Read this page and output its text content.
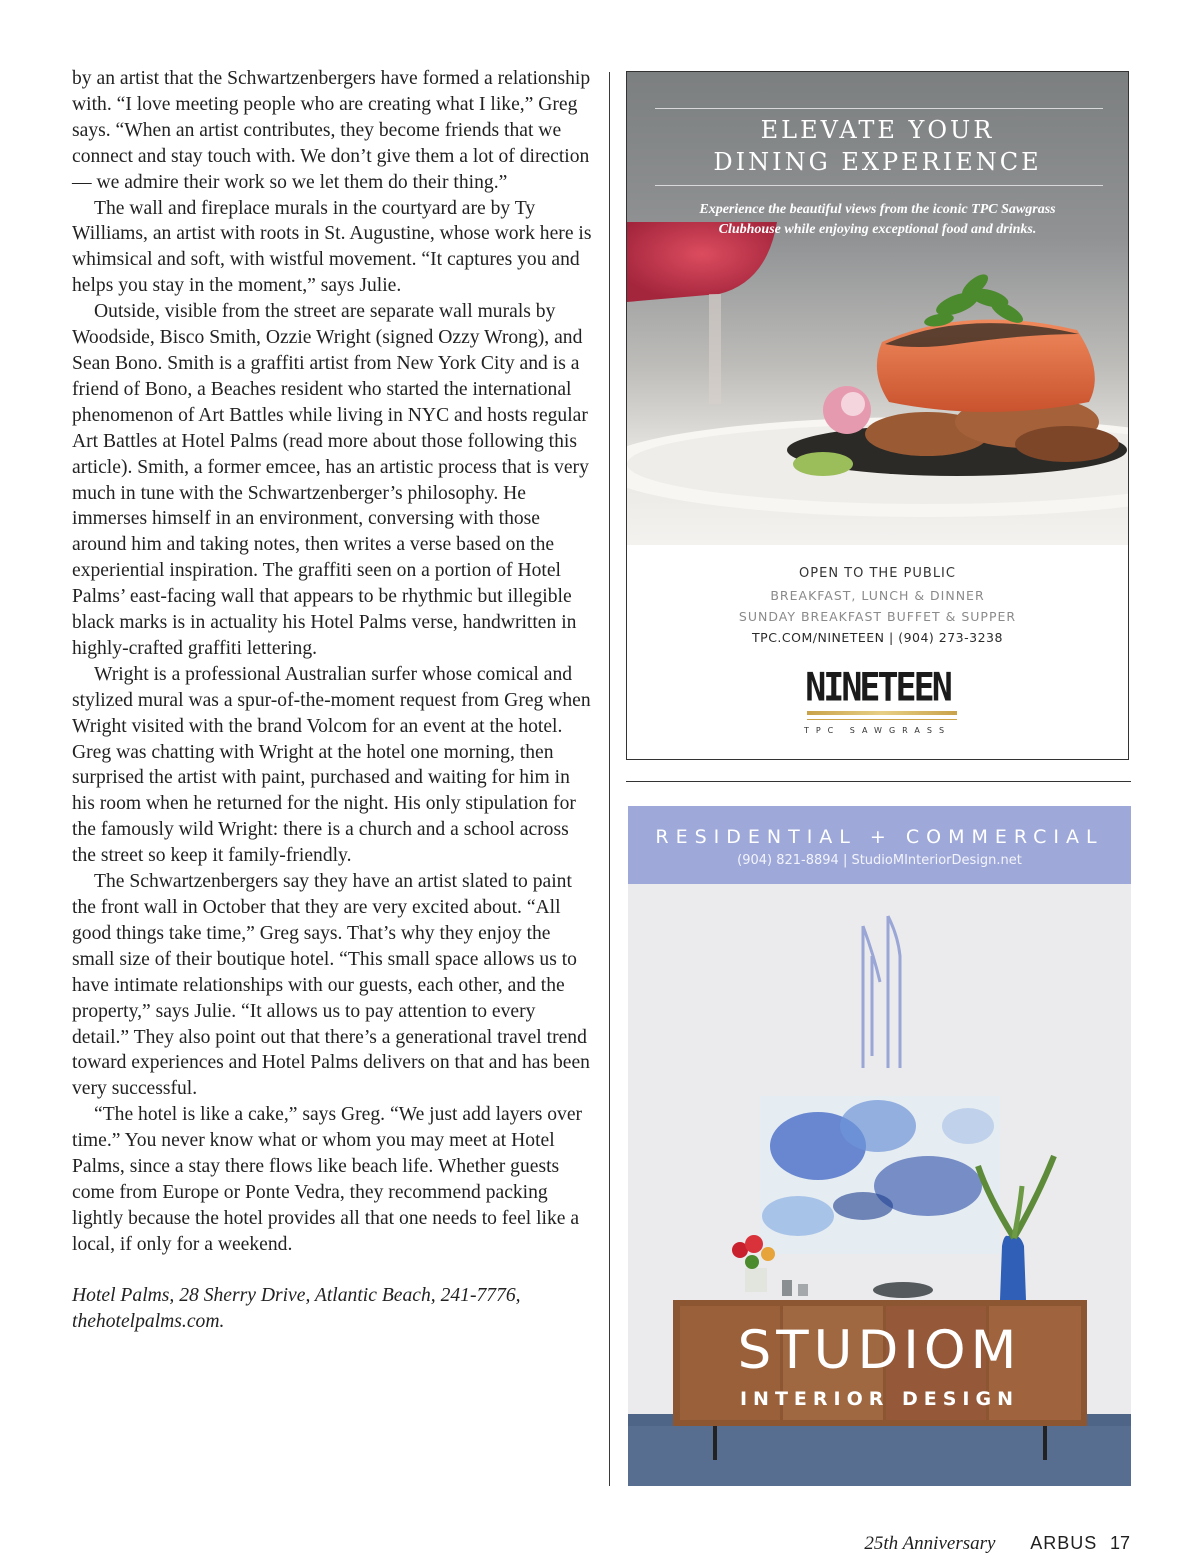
by an artist that the Schwartzenbergers have formed a relationship with. “I love meeting people who are creating what I like,” Greg says. “When an artist contributes, they become friends that we connect and stay touch with. We don’t give them a lot of direction — we admire their work so we let them do their thing.”

The wall and fireplace murals in the courtyard are by Ty Williams, an artist with roots in St. Augustine, whose work here is whimsical and soft, with wistful movement. “It captures you and helps you stay in the moment,” says Julie.

Outside, visible from the street are separate wall murals by Woodside, Bisco Smith, Ozzie Wright (signed Ozzy Wrong), and Sean Bono. Smith is a graffiti artist from New York City and is a friend of Bono, a Beaches resident who started the international phenomenon of Art Battles while living in NYC and hosts regular Art Battles at Hotel Palms (read more about those following this article). Smith, a former emcee, has an artistic process that is very much in tune with the Schwartzenberger’s philosophy. He immerses himself in an environment, conversing with those around him and taking notes, then writes a verse based on the experiential inspiration. The graffiti seen on a portion of Hotel Palms’ east-facing wall that appears to be rhythmic but illegible black marks is in actuality his Hotel Palms verse, handwritten in highly-crafted graffiti lettering.

Wright is a professional Australian surfer whose comical and stylized mural was a spur-of-the-moment request from Greg when Wright visited with the brand Volcom for an event at the hotel. Greg was chatting with Wright at the hotel one morning, then surprised the artist with paint, purchased and waiting for him in his room when he returned for the night. His only stipulation for the famously wild Wright: there is a church and a school across the street so keep it family-friendly.

The Schwartzenbergers say they have an artist slated to paint the front wall in October that they are very excited about. “All good things take time,” Greg says. That’s why they enjoy the small size of their boutique hotel. “This small space allows us to have intimate relationships with our guests, each other, and the property,” says Julie. “It allows us to pay attention to every detail.” They also point out that there’s a generational travel trend toward experiences and Hotel Palms delivers on that and has been very successful.

“The hotel is like a cake,” says Greg. “We just add layers over time.” You never know what or whom you may meet at Hotel Palms, since a stay there flows like beach life. Whether guests come from Europe or Ponte Vedra, they recommend packing lightly because the hotel provides all that one needs to feel like a local, if only for a weekend.

Hotel Palms, 28 Sherry Drive, Atlantic Beach, 241-7776,
thehotelpalms.com.

ELEVATE YOUR
DINING EXPERIENCE
Experience the beautiful views from the iconic TPC Sawgrass
Clubhouse while enjoying exceptional food and drinks.
OPEN TO THE PUBLIC
BREAKFAST, LUNCH & DINNER
SUNDAY BREAKFAST BUFFET & SUPPER
TPC.COM/NINETEEN | (904) 273-3238
NINETEEN
TPC SAWGRASS
RESIDENTIAL + COMMERCIAL
(904) 821-8894 | StudioMInteriorDesign.net
STUDIOM
INTERIOR DESIGN
25th Anniversary ARBUS 17
